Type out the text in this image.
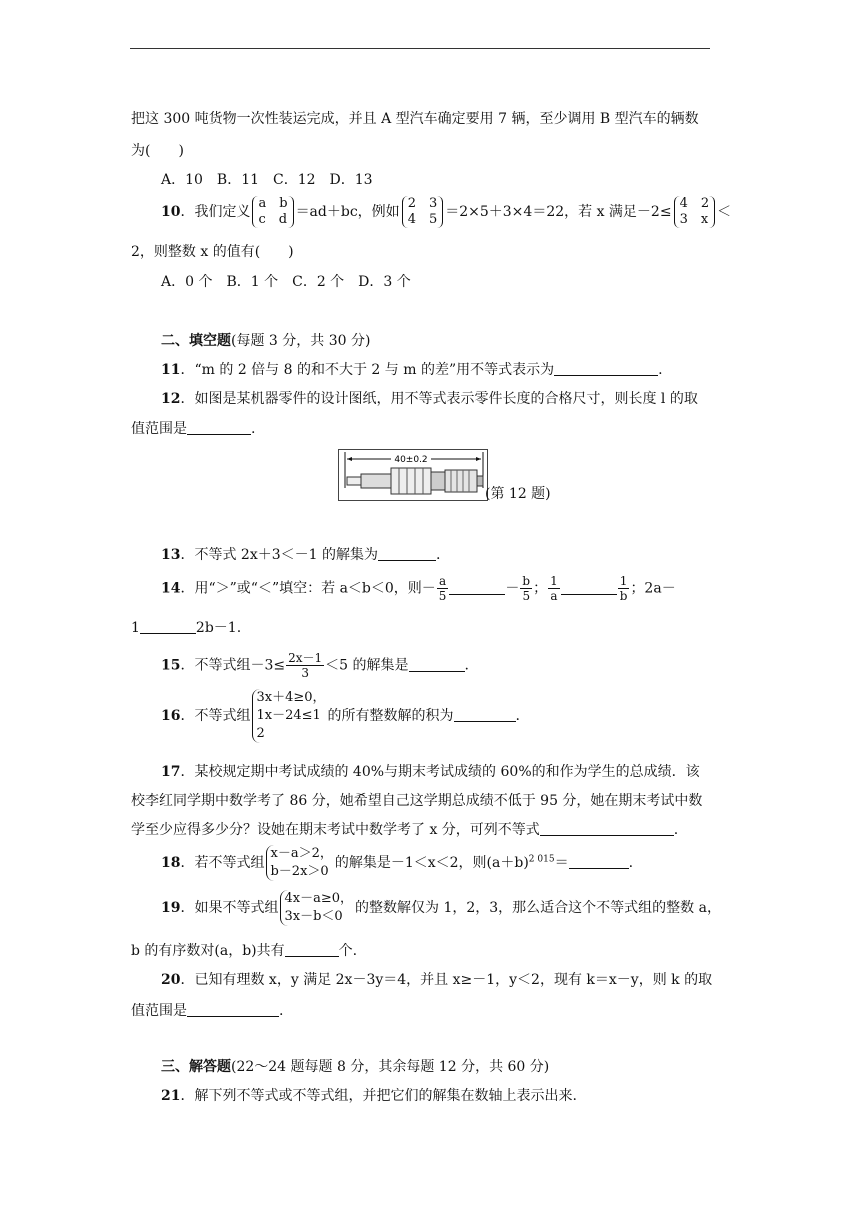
把这 300 吨货物一次性装运完成，并且 A 型汽车确定要用 7 辆，至少调用 B 型汽车的辆数
为(　　)
A．10　B．11　C．12　D．13
10．我们定义
a　b
c　d ＝ad＋bc，例如
2　3
4　5 ＝2×5＋3×4＝22，若 x 满足－2≤
4　2
3　x ＜
2，则整数 x 的值有(　　)
A．0 个　B．1 个　C．2 个　D．3 个
二、填空题(每题 3 分，共 30 分)
11．“m 的 2 倍与 8 的和不大于 2 与 m 的差”用不等式表示为	.
12．如图是某机器零件的设计图纸，用不等式表示零件长度的合格尺寸，则长度 l 的取
值范围是	.
40±0.2
(第 12 题)
13．不等式 2x＋3＜－1 的解集为	.
14．用“＞”或“＜”填空：若 a＜b＜0，则－ $\frac{a}{5}$	－ $\frac{b}{5}$ ； $\frac{1}{a}$	$\frac{1}{b}$ ；2a－
1	2b－1.
15．不等式组$-3\le \frac{2x-1}{3} <5$ 的解集是	.
16．不等式组
3x＋4≥0，
1x－24≤1
2
的所有整数解的积为	.
17．某校规定期中考试成绩的 40%与期末考试成绩的 60%的和作为学生的总成绩．该
校李红同学期中数学考了 86 分，她希望自己这学期总成绩不低于 95 分，她在期末考试中数
学至少应得多少分？设她在期末考试中数学考了 x 分，可列不等式	.
18．若不等式组
x－a＞2，
b－2x＞0
的解集是－1＜x＜2，则$(a+b)^{2 015}=$	.
19．如果不等式组
4x－a≥0，
3x－b＜0
的整数解仅为 1，2，3，那么适合这个不等式组的整数 a，
b 的有序数对(a，b)共有	个.
20．已知有理数 x，y 满足 2x－3y＝4，并且 x≥－1，y＜2，现有 k＝x－y，则 k 的取
值范围是	.
三、解答题(22～24 题每题 8 分，其余每题 12 分，共 60 分)
21．解下列不等式或不等式组，并把它们的解集在数轴上表示出来.
